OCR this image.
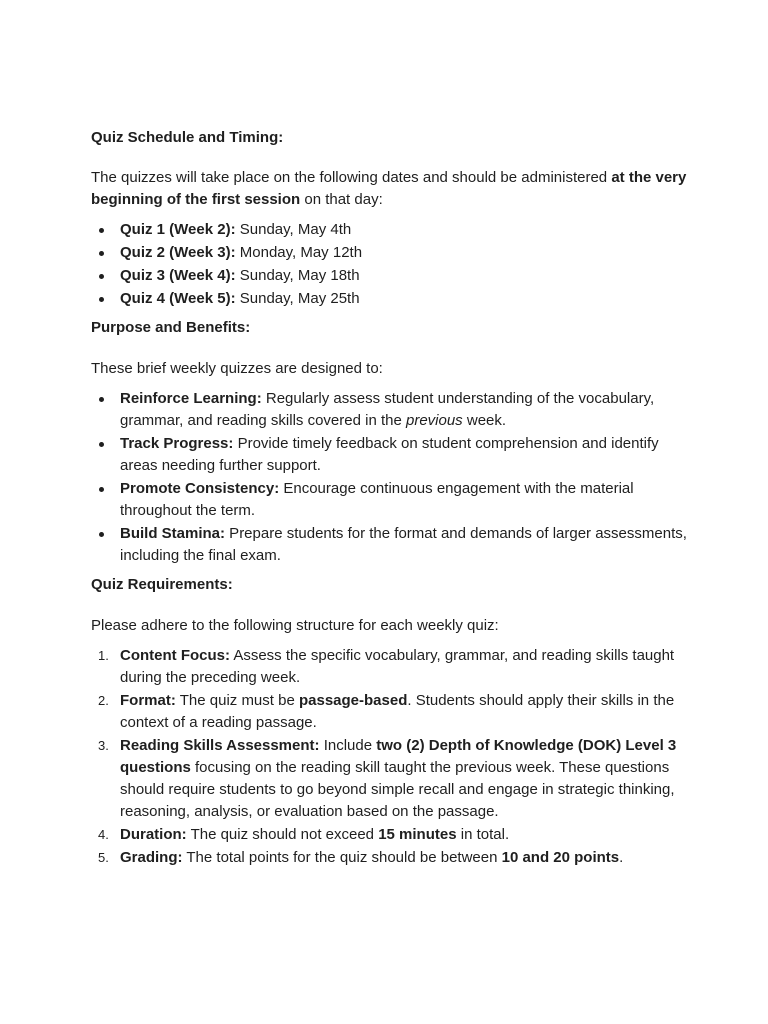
Quiz Schedule and Timing:

The quizzes will take place on the following dates and should be administered at the very beginning of the first session on that day:

Quiz 1 (Week 2): Sunday, May 4th
Quiz 2 (Week 3): Monday, May 12th
Quiz 3 (Week 4): Sunday, May 18th
Quiz 4 (Week 5): Sunday, May 25th
Purpose and Benefits:

These brief weekly quizzes are designed to:

Reinforce Learning: Regularly assess student understanding of the vocabulary, grammar, and reading skills covered in the previous week.
Track Progress: Provide timely feedback on student comprehension and identify areas needing further support.
Promote Consistency: Encourage continuous engagement with the material throughout the term.
Build Stamina: Prepare students for the format and demands of larger assessments, including the final exam.
Quiz Requirements:

Please adhere to the following structure for each weekly quiz:

1. Content Focus: Assess the specific vocabulary, grammar, and reading skills taught during the preceding week.
2. Format: The quiz must be passage-based. Students should apply their skills in the context of a reading passage.
3. Reading Skills Assessment: Include two (2) Depth of Knowledge (DOK) Level 3 questions focusing on the reading skill taught the previous week. These questions should require students to go beyond simple recall and engage in strategic thinking, reasoning, analysis, or evaluation based on the passage.
4. Duration: The quiz should not exceed 15 minutes in total.
5. Grading: The total points for the quiz should be between 10 and 20 points.
